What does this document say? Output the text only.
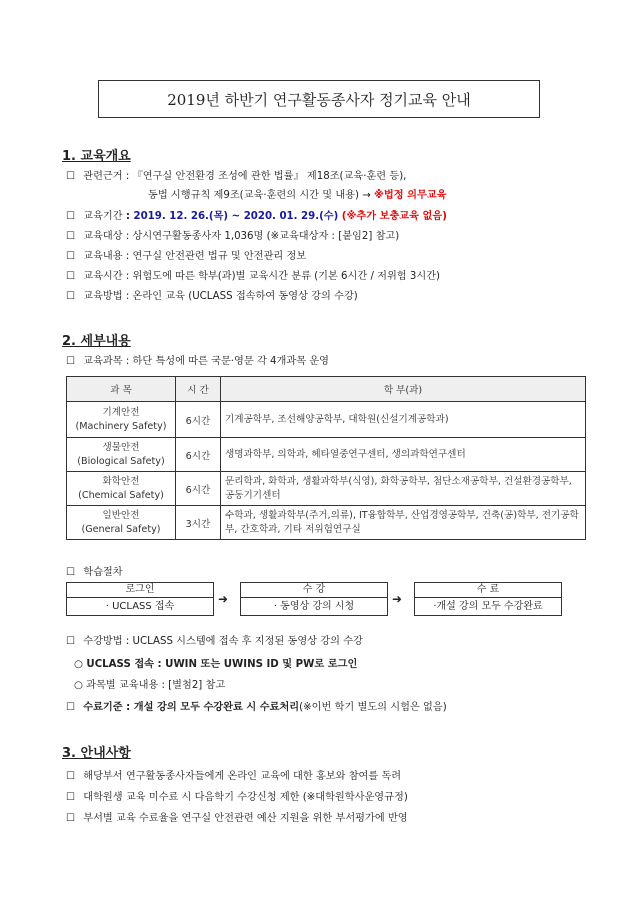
2019년 하반기 연구활동종사자 정기교육 안내
1. 교육개요
☐ 관련근거 : 『연구실 안전환경 조성에 관한 법률』 제18조(교육·훈련 등),
동법 시행규칙 제9조(교육·훈련의 시간 및 내용) → ※법정 의무교육
☐ 교육기간 : 2019. 12. 26.(목) ~ 2020. 01. 29.(수) (※추가 보충교육 없음)
☐ 교육대상 : 상시연구활동종사자 1,036명 (※교육대상자 : [붙임2] 참고)
☐ 교육내용 : 연구실 안전관련 법규 및 안전관리 정보
☐ 교육시간 : 위험도에 따른 학부(과)별 교육시간 분류 (기본 6시간 / 저위험 3시간)
☐ 교육방법 : 온라인 교육 (UCLASS 접속하여 동영상 강의 수강)
2. 세부내용
☐ 교육과목 : 하단 특성에 따른 국문·영문 각 4개과목 운영
과 목	시 간	학 부(과)
기계안전
(Machinery Safety)	6시간	기계공학부, 조선해양공학부, 대학원(신설기계공학과)
생물안전
(Biological Safety)	6시간	생명과학부, 의학과, 헤타열중연구센터, 생의과학연구센터
화학안전
(Chemical Safety)	6시간	문리학과, 화학과, 생활과학부(식영), 화학공학부, 첨단소재공학부, 건설환경공학부, 공동기기센터
일반안전
(General Safety)	3시간	수학과, 생활과학부(주거,의류), IT융합학부, 산업경영공학부, 건축(공)학부, 전기공학부, 간호학과, 기타 저위험연구실
☐ 학습절차
로그인
· UCLASS 접속
➜
수 강
· 동영상 강의 시청
➜
수 료
·개설 강의 모두 수강완료
☐ 수강방법 : UCLASS 시스템에 접속 후 지정된 동영상 강의 수강
○ UCLASS 접속 : UWIN 또는 UWINS ID 및 PW로 로그인
○ 과목별 교육내용 : [별첨2] 참고
☐ 수료기준 : 개설 강의 모두 수강완료 시 수료처리(※이번 학기 별도의 시험은 없음)
3. 안내사항
☐ 해당부서 연구활동종사자들에게 온라인 교육에 대한 홍보와 참여를 독려
☐ 대학원생 교육 미수료 시 다음학기 수강신청 제한 (※대학원학사운영규정)
☐ 부서별 교육 수료율을 연구실 안전관련 예산 지원을 위한 부서평가에 반영
